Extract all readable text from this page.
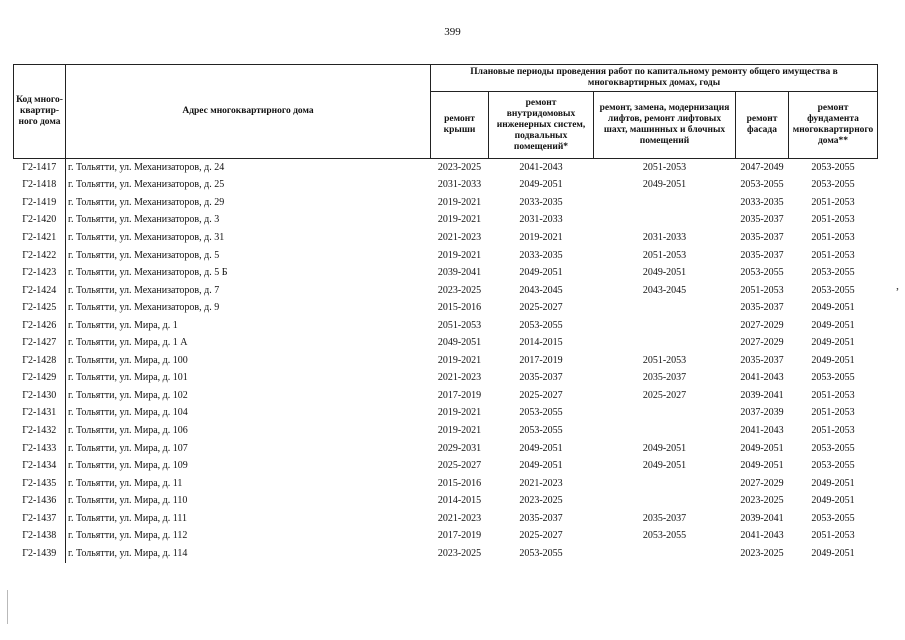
399
Код много-квартир-ного дома	Адрес многоквартирного дома	Плановые периоды проведения работ по капитальному ремонту общего имущества в многоквартирных домах, годы				
		ремонт крыши	ремонт внутридомовых инженерных систем, подвальных помещений*	ремонт, замена, модернизация лифтов, ремонт лифтовых шахт, машинных и блочных помещений	ремонт фасада	ремонт фундамента многоквартирного дома**
Г2-1417	г. Тольятти, ул. Механизаторов, д. 24	2023-2025	2041-2043	2051-2053	2047-2049	2053-2055
Г2-1418	г. Тольятти, ул. Механизаторов, д. 25	2031-2033	2049-2051	2049-2051	2053-2055	2053-2055
Г2-1419	г. Тольятти, ул. Механизаторов, д. 29	2019-2021	2033-2035		2033-2035	2051-2053
Г2-1420	г. Тольятти, ул. Механизаторов, д. 3	2019-2021	2031-2033		2035-2037	2051-2053
Г2-1421	г. Тольятти, ул. Механизаторов, д. 31	2021-2023	2019-2021	2031-2033	2035-2037	2051-2053
Г2-1422	г. Тольятти, ул. Механизаторов, д. 5	2019-2021	2033-2035	2051-2053	2035-2037	2051-2053
Г2-1423	г. Тольятти, ул. Механизаторов, д. 5 Б	2039-2041	2049-2051	2049-2051	2053-2055	2053-2055
Г2-1424	г. Тольятти, ул. Механизаторов, д. 7	2023-2025	2043-2045	2043-2045	2051-2053	2053-2055
Г2-1425	г. Тольятти, ул. Механизаторов, д. 9	2015-2016	2025-2027		2035-2037	2049-2051
Г2-1426	г. Тольятти, ул. Мира, д. 1	2051-2053	2053-2055		2027-2029	2049-2051
Г2-1427	г. Тольятти, ул. Мира, д. 1 А	2049-2051	2014-2015		2027-2029	2049-2051
Г2-1428	г. Тольятти, ул. Мира, д. 100	2019-2021	2017-2019	2051-2053	2035-2037	2049-2051
Г2-1429	г. Тольятти, ул. Мира, д. 101	2021-2023	2035-2037	2035-2037	2041-2043	2053-2055
Г2-1430	г. Тольятти, ул. Мира, д. 102	2017-2019	2025-2027	2025-2027	2039-2041	2051-2053
Г2-1431	г. Тольятти, ул. Мира, д. 104	2019-2021	2053-2055		2037-2039	2051-2053
Г2-1432	г. Тольятти, ул. Мира, д. 106	2019-2021	2053-2055		2041-2043	2051-2053
Г2-1433	г. Тольятти, ул. Мира, д. 107	2029-2031	2049-2051	2049-2051	2049-2051	2053-2055
Г2-1434	г. Тольятти, ул. Мира, д. 109	2025-2027	2049-2051	2049-2051	2049-2051	2053-2055
Г2-1435	г. Тольятти, ул. Мира, д. 11	2015-2016	2021-2023		2027-2029	2049-2051
Г2-1436	г. Тольятти, ул. Мира, д. 110	2014-2015	2023-2025		2023-2025	2049-2051
Г2-1437	г. Тольятти, ул. Мира, д. 111	2021-2023	2035-2037	2035-2037	2039-2041	2053-2055
Г2-1438	г. Тольятти, ул. Мира, д. 112	2017-2019	2025-2027	2053-2055	2041-2043	2051-2053
Г2-1439	г. Тольятти, ул. Мира, д. 114	2023-2025	2053-2055		2023-2025	2049-2051
,
